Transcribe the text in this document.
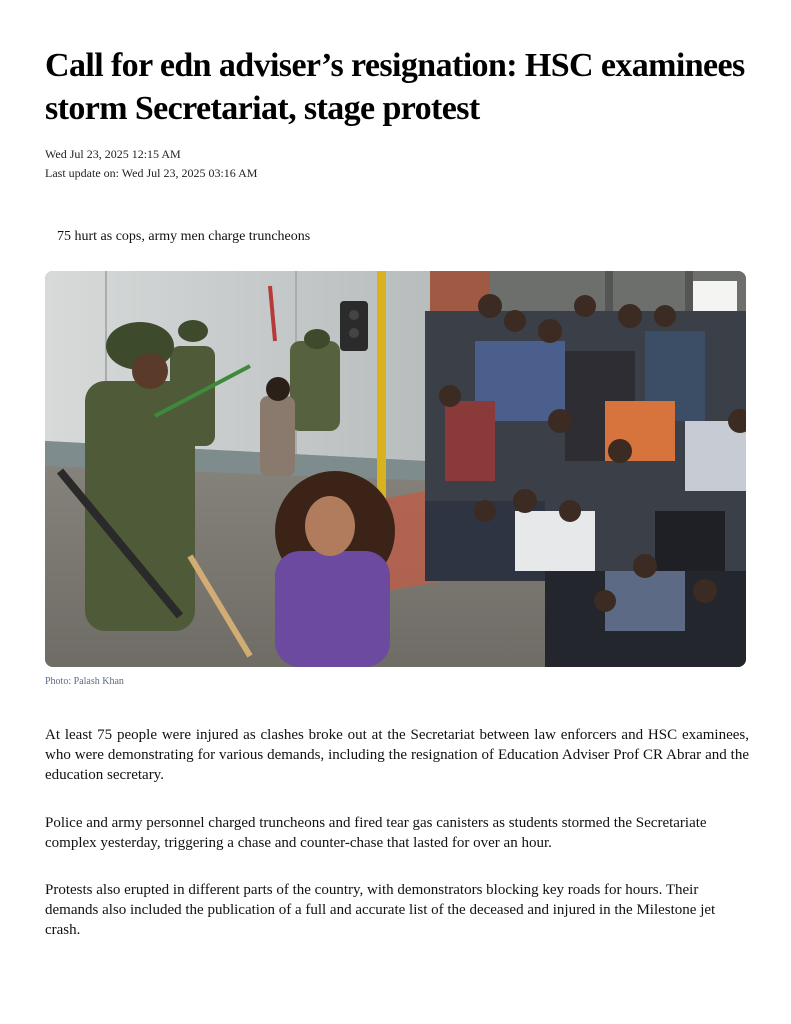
Call for edn adviser’s resignation: HSC examinees storm Secretariat, stage protest
Wed Jul 23, 2025 12:15 AM
Last update on: Wed Jul 23, 2025 03:16 AM
75 hurt as cops, army men charge truncheons
Photo: Palash Khan

At least 75 people were injured as clashes broke out at the Secretariat between law enforcers and HSC examinees, who were demonstrating for various demands, including the resignation of Education Adviser Prof CR Abrar and the education secretary.

Police and army personnel charged truncheons and fired tear gas canisters as students stormed the Secretariate complex yesterday, triggering a chase and counter-chase that lasted for over an hour.

Protests also erupted in different parts of the country, with demonstrators blocking key roads for hours. Their demands also included the publication of a full and accurate list of the deceased and injured in the Milestone jet crash.
